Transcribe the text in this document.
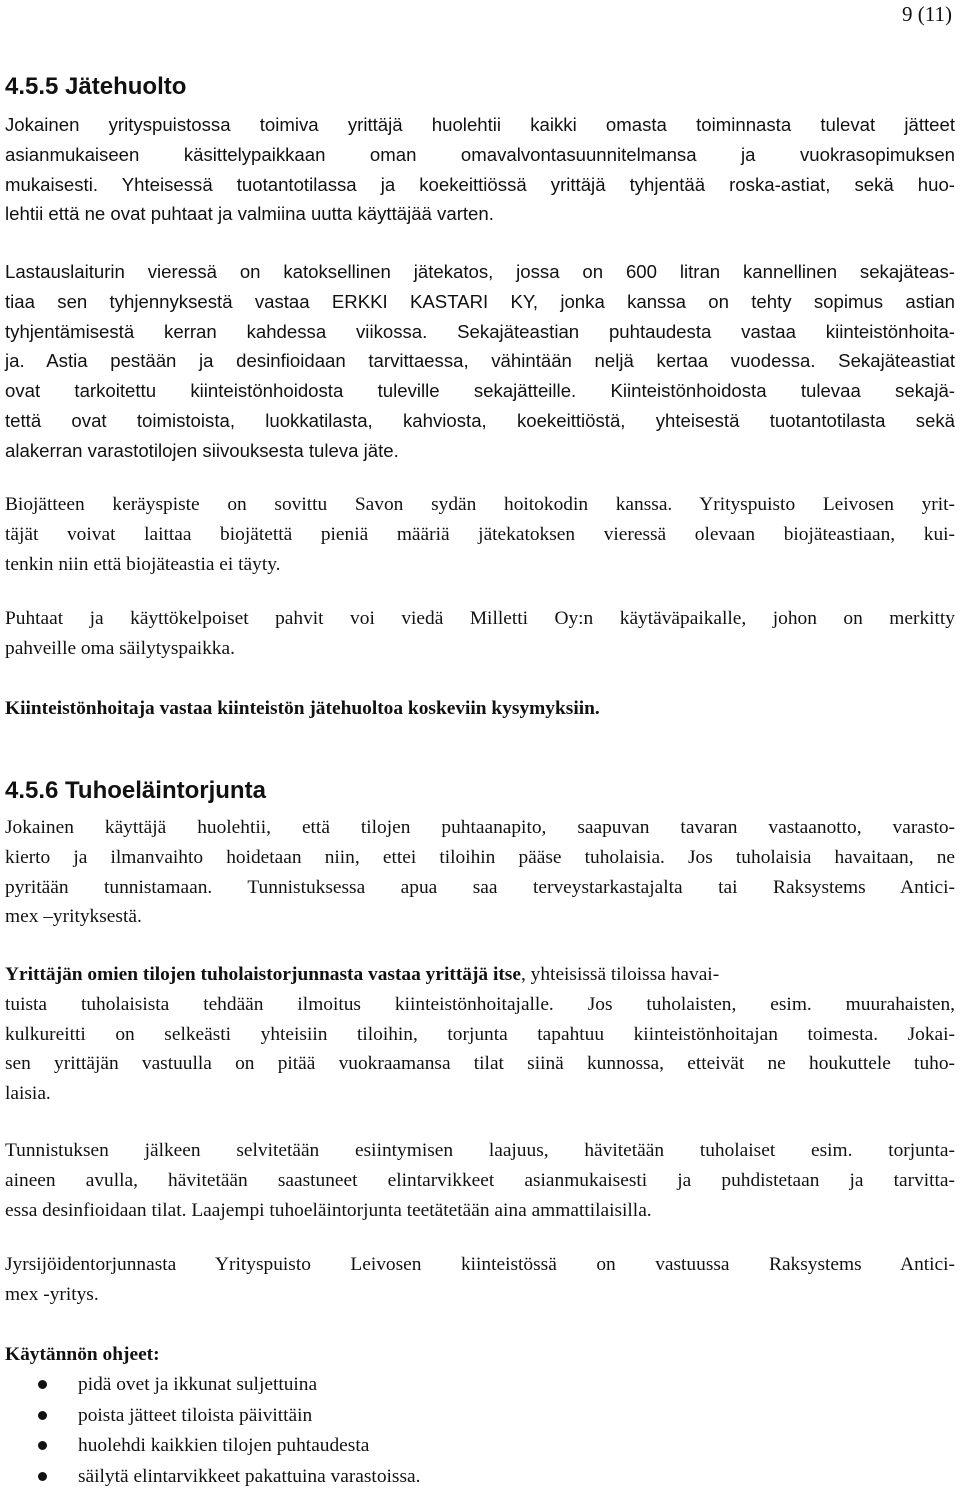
9 (11)
4.5.5 Jätehuolto
Jokainen yrityspuistossa toimiva yrittäjä huolehtii kaikki omasta toiminnasta tulevat jätteet
asianmukaiseen käsittelypaikkaan oman omavalvontasuunnitelmansa ja vuokrasopimuksen
mukaisesti. Yhteisessä tuotantotilassa ja koekeittiössä yrittäjä tyhjentää roska-astiat, sekä huo-
lehtii että ne ovat puhtaat ja valmiina uutta käyttäjää varten.
Lastauslaiturin vieressä on katoksellinen jätekatos, jossa on 600 litran kannellinen sekajäteas-
tiaa sen tyhjennyksestä vastaa ERKKI KASTARI KY, jonka kanssa on tehty sopimus astian
tyhjentämisestä kerran kahdessa viikossa. Sekajäteastian puhtaudesta vastaa kiinteistönhoita-
ja. Astia pestään ja desinfioidaan tarvittaessa, vähintään neljä kertaa vuodessa. Sekajäteastiat
ovat tarkoitettu kiinteistönhoidosta tuleville sekajätteille. Kiinteistönhoidosta tulevaa sekajä-
tettä ovat toimistoista, luokkatilasta, kahviosta, koekeittiöstä, yhteisestä tuotantotilasta sekä
alakerran varastotilojen siivouksesta tuleva jäte.
Biojätteen keräyspiste on sovittu Savon sydän hoitokodin kanssa. Yrityspuisto Leivosen yrit-
täjät voivat laittaa biojätettä pieniä määriä jätekatoksen vieressä olevaan biojäteastiaan, kui-
tenkin niin että biojäteastia ei täyty.
Puhtaat ja käyttökelpoiset pahvit voi viedä Milletti Oy:n käytäväpaikalle, johon on merkitty
pahveille oma säilytyspaikka.
Kiinteistönhoitaja vastaa kiinteistön jätehuoltoa koskeviin kysymyksiin.
4.5.6 Tuhoeläintorjunta
Jokainen käyttäjä huolehtii, että tilojen puhtaanapito, saapuvan tavaran vastaanotto, varasto-
kierto ja ilmanvaihto hoidetaan niin, ettei tiloihin pääse tuholaisia. Jos tuholaisia havaitaan, ne
pyritään tunnistamaan. Tunnistuksessa apua saa terveystarkastajalta tai Raksystems Antici-
mex –yrityksestä.
Yrittäjän omien tilojen tuholaistorjunnasta vastaa yrittäjä itse, yhteisissä tiloissa havai-
tuista tuholaisista tehdään ilmoitus kiinteistönhoitajalle. Jos tuholaisten, esim. muurahaisten,
kulkureitti on selkeästi yhteisiin tiloihin, torjunta tapahtuu kiinteistönhoitajan toimesta. Jokai-
sen yrittäjän vastuulla on pitää vuokraamansa tilat siinä kunnossa, etteivät ne houkuttele tuho-
laisia.
Tunnistuksen jälkeen selvitetään esiintymisen laajuus, hävitetään tuholaiset esim. torjunta-
aineen avulla, hävitetään saastuneet elintarvikkeet asianmukaisesti ja puhdistetaan ja tarvitta-
essa desinfioidaan tilat. Laajempi tuhoeläintorjunta teetätetään aina ammattilaisilla.
Jyrsijöidentorjunnasta Yrityspuisto Leivosen kiinteistössä on vastuussa Raksystems Antici-
mex -yritys.
Käytännön ohjeet:
pidä ovet ja ikkunat suljettuina
poista jätteet tiloista päivittäin
huolehdi kaikkien tilojen puhtaudesta
säilytä elintarvikkeet pakattuina varastoissa.
